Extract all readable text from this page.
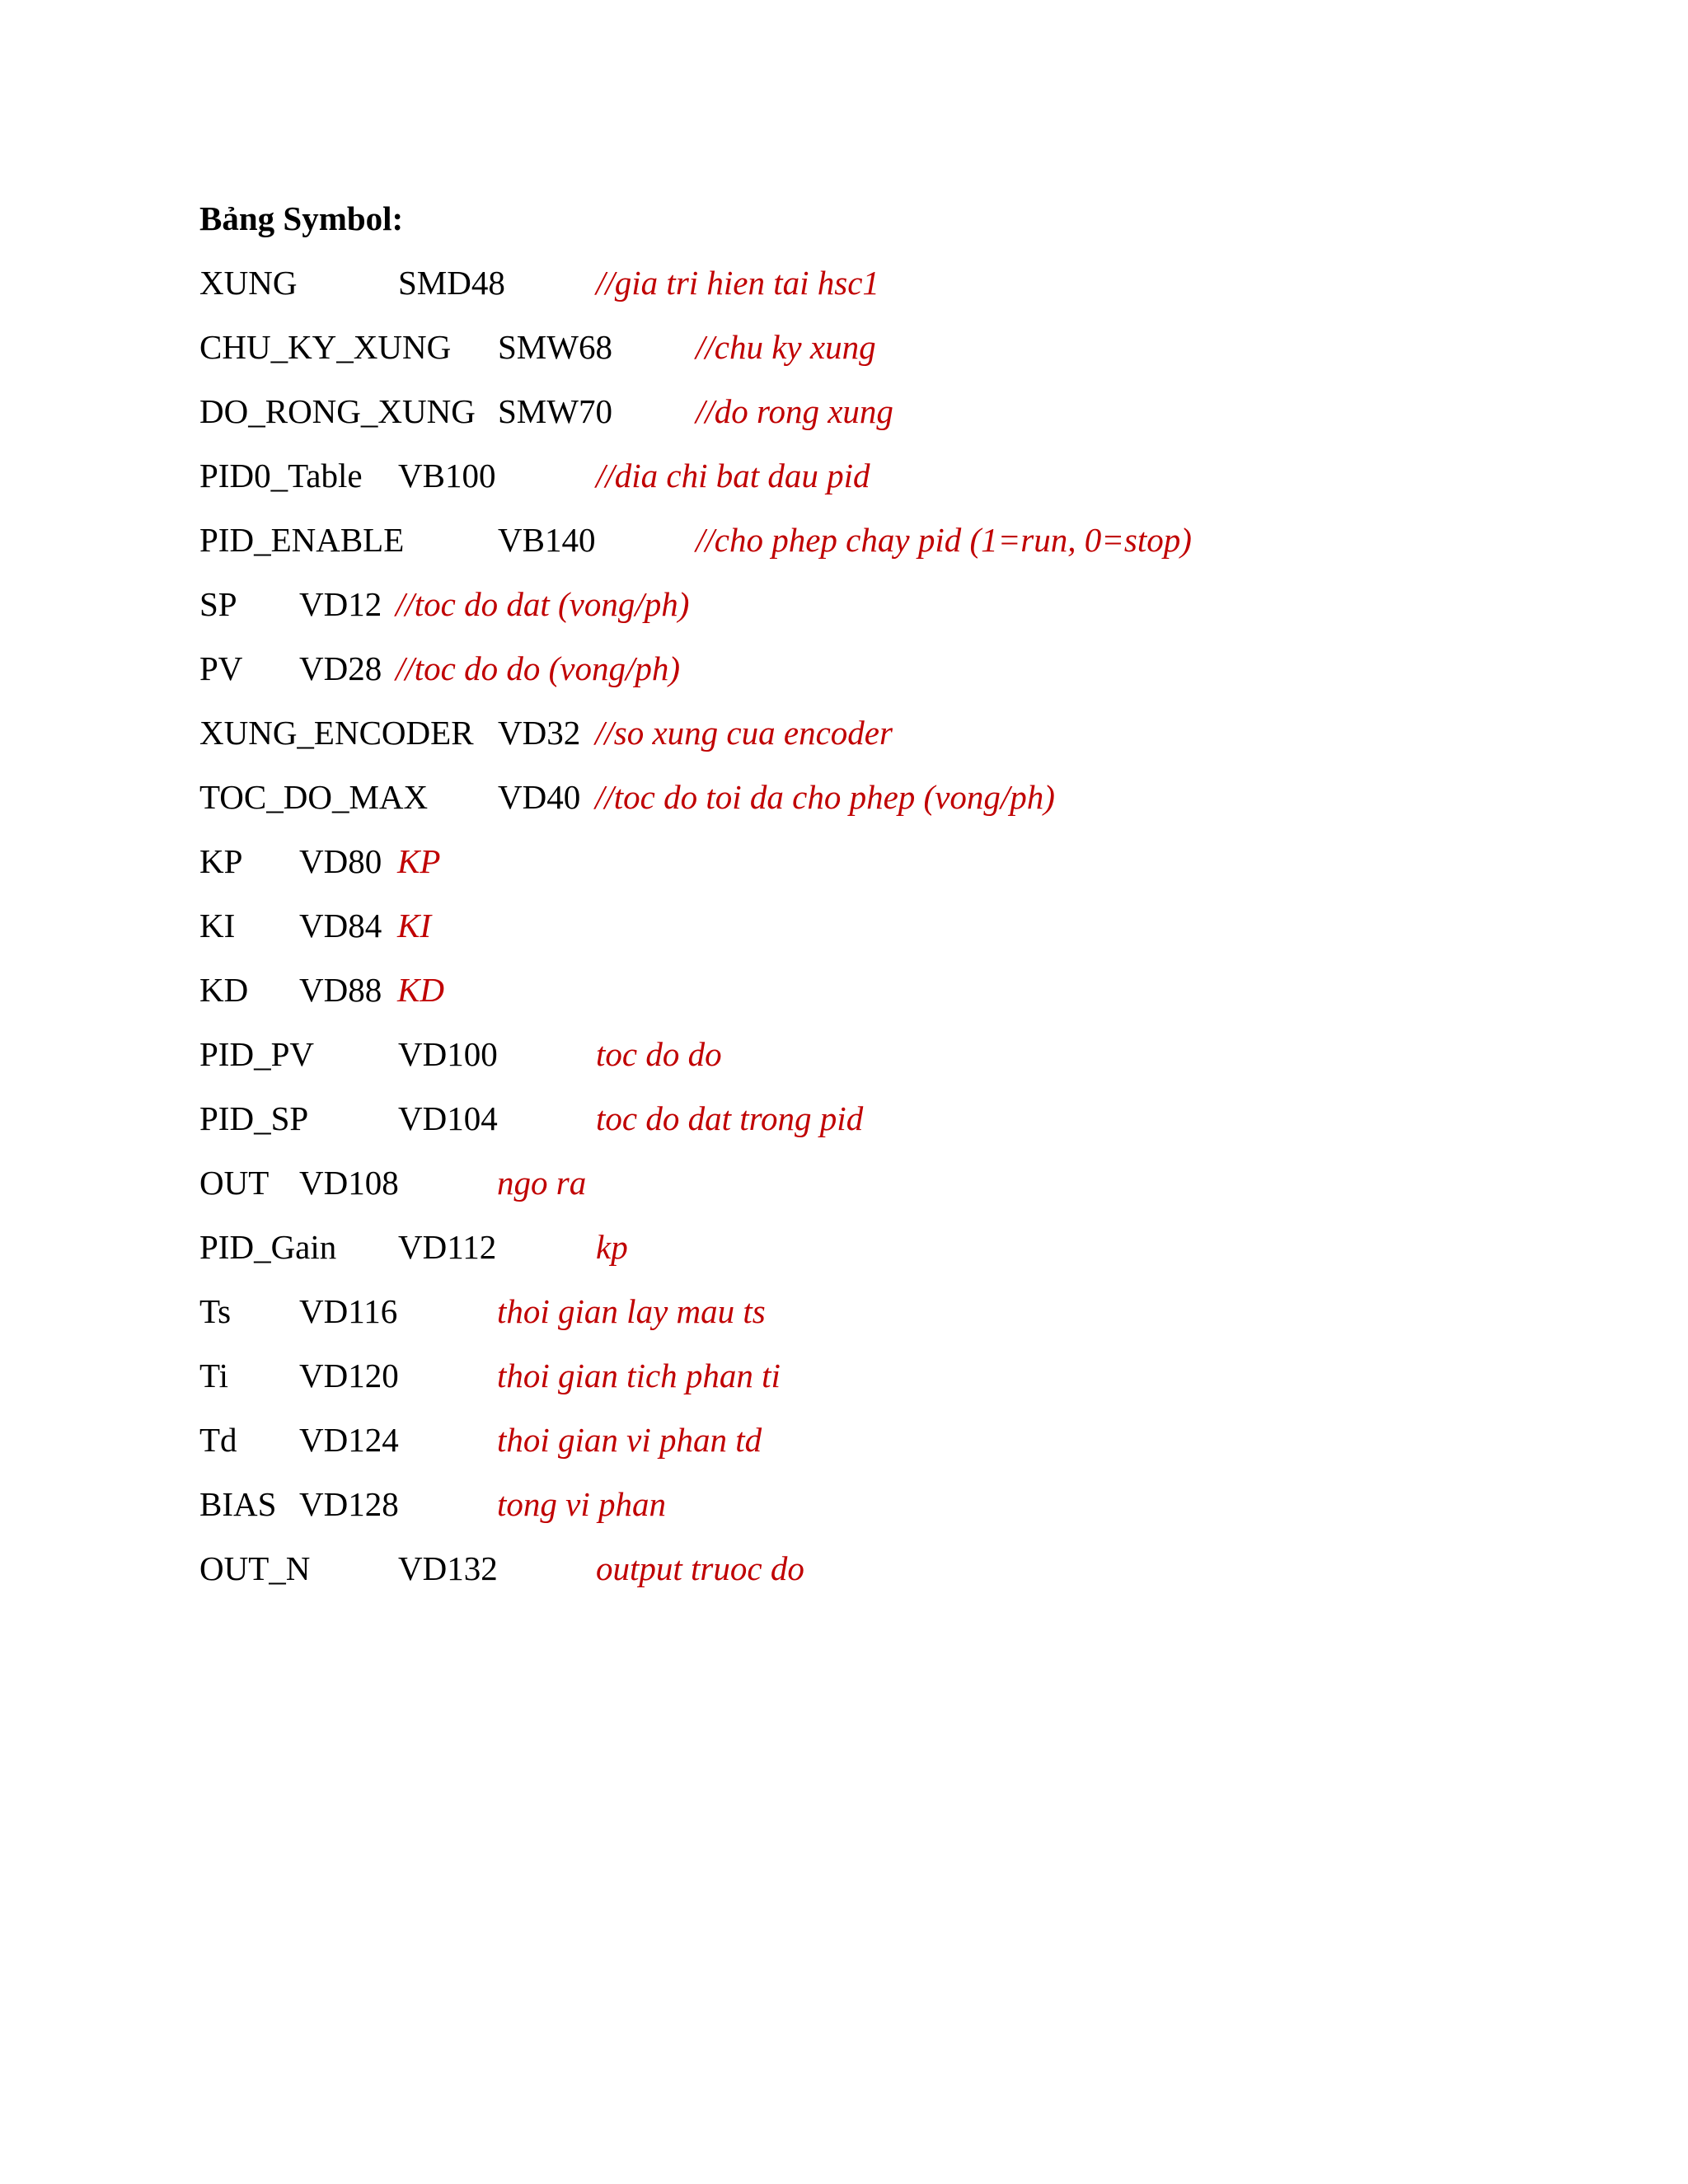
Bảng Symbol:
XUNG	SMD48	//gia tri hien tai hsc1
CHU_KY_XUNG SMW68 //chu ky xung
DO_RONG_XUNG SMW70 //do rong xung
PID0_Table VB100	//dia chi bat dau pid
PID_ENABLE	VB140	//cho phep chay pid (1=run, 0=stop)
SP VD12 //toc do dat (vong/ph)
PV VD28 //toc do do (vong/ph)
XUNG_ENCODER VD32 //so xung cua encoder
TOC_DO_MAX VD40 //toc do toi da cho phep (vong/ph)
KP VD80 KP
KI VD84 KI
KD VD88 KD
PID_PV VD100	toc do do
PID_SP	VD104	toc do dat trong pid
OUT VD108	ngo ra
PID_Gain VD112	kp
Ts VD116	thoi gian lay mau ts
Ti VD120	thoi gian tich phan ti
Td VD124	thoi gian vi phan td
BIAS VD128	tong vi phan
OUT_N	VD132	output truoc do
